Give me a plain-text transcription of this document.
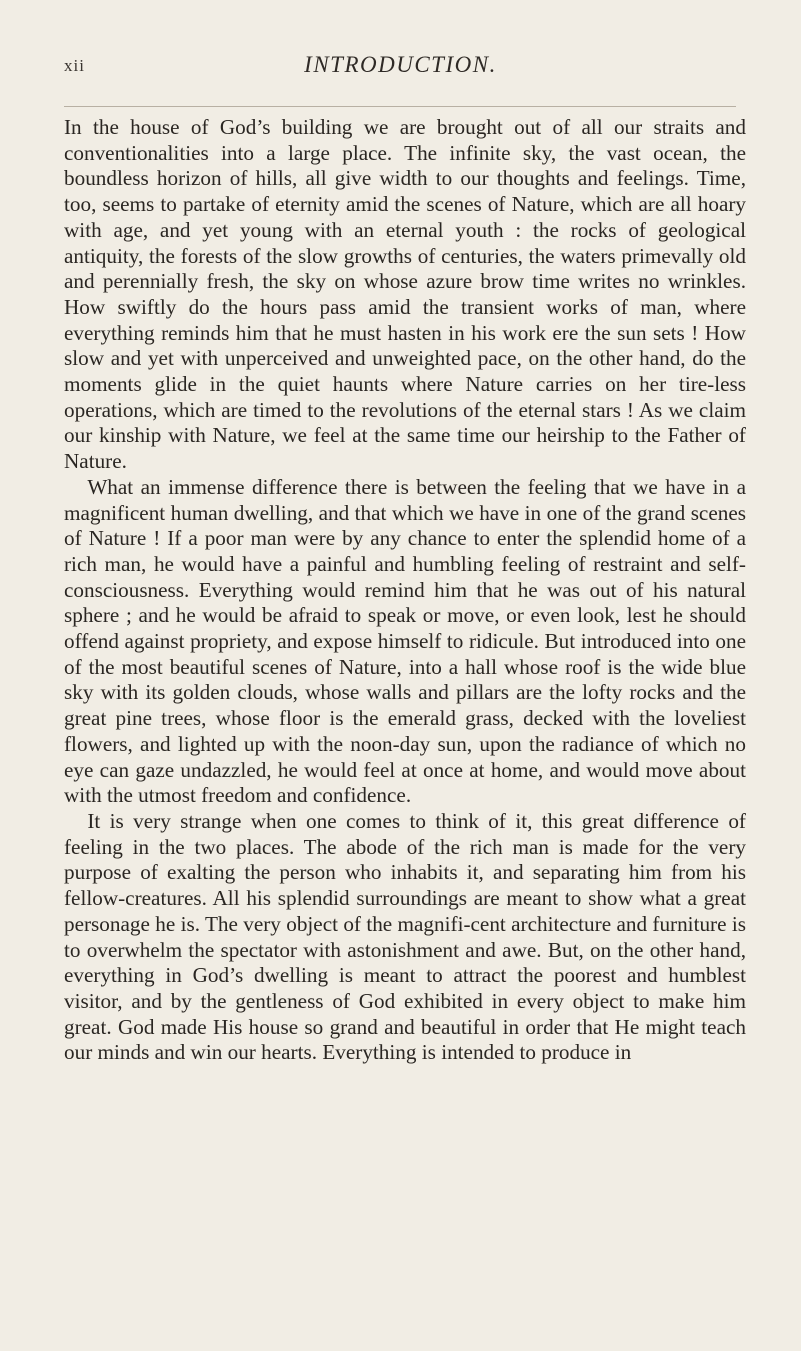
xii	INTRODUCTION.

In the house of God’s building we are brought out of all our straits and conventionalities into a large place. The infinite sky, the vast ocean, the boundless horizon of hills, all give width to our thoughts and feelings. Time, too, seems to partake of eternity amid the scenes of Nature, which are all hoary with age, and yet young with an eternal youth : the rocks of geological antiquity, the forests of the slow growths of centuries, the waters primevally old and perennially fresh, the sky on whose azure brow time writes no wrinkles. How swiftly do the hours pass amid the transient works of man, where everything reminds him that he must hasten in his work ere the sun sets ! How slow and yet with unperceived and unweighted pace, on the other hand, do the moments glide in the quiet haunts where Nature carries on her tire-less operations, which are timed to the revolutions of the eternal stars ! As we claim our kinship with Nature, we feel at the same time our heirship to the Father of Nature.

What an immense difference there is between the feeling that we have in a magnificent human dwelling, and that which we have in one of the grand scenes of Nature ! If a poor man were by any chance to enter the splendid home of a rich man, he would have a painful and humbling feeling of restraint and self-consciousness. Everything would remind him that he was out of his natural sphere ; and he would be afraid to speak or move, or even look, lest he should offend against propriety, and expose himself to ridicule. But introduced into one of the most beautiful scenes of Nature, into a hall whose roof is the wide blue sky with its golden clouds, whose walls and pillars are the lofty rocks and the great pine trees, whose floor is the emerald grass, decked with the loveliest flowers, and lighted up with the noon-day sun, upon the radiance of which no eye can gaze undazzled, he would feel at once at home, and would move about with the utmost freedom and confidence.

It is very strange when one comes to think of it, this great difference of feeling in the two places. The abode of the rich man is made for the very purpose of exalting the person who inhabits it, and separating him from his fellow-creatures. All his splendid surroundings are meant to show what a great personage he is. The very object of the magnifi-cent architecture and furniture is to overwhelm the spectator with astonishment and awe. But, on the other hand, everything in God’s dwelling is meant to attract the poorest and humblest visitor, and by the gentleness of God exhibited in every object to make him great. God made His house so grand and beautiful in order that He might teach our minds and win our hearts. Everything is intended to produce in
